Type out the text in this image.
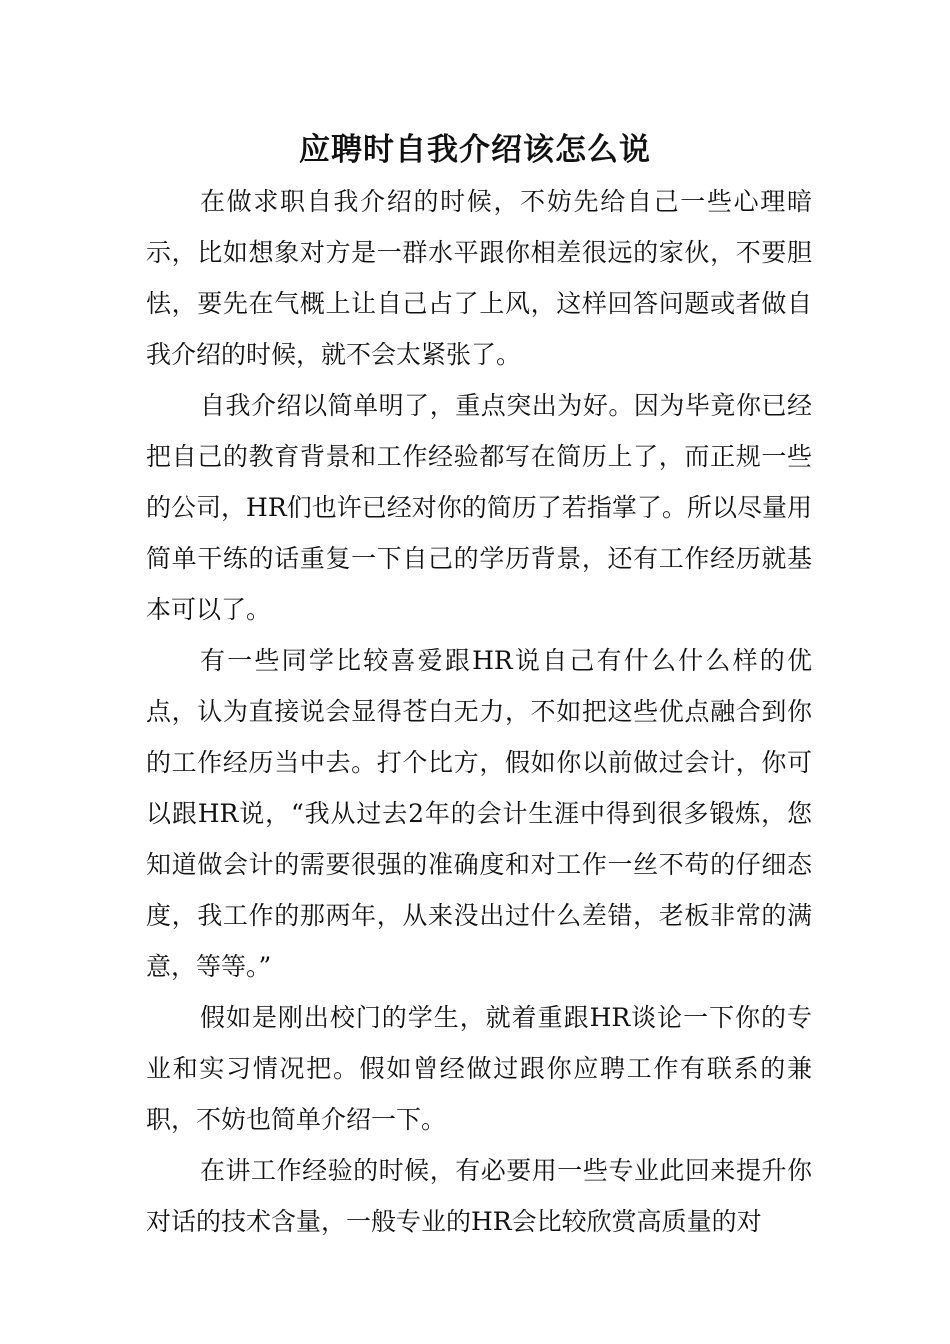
应聘时自我介绍该怎么说

在做求职自我介绍的时候，不妨先给自己一些心理暗示，比如想象对方是一群水平跟你相差很远的家伙，不要胆怯，要先在气概上让自己占了上风，这样回答问题或者做自我介绍的时候，就不会太紧张了。

自我介绍以简单明了，重点突出为好。因为毕竟你已经把自己的教育背景和工作经验都写在简历上了，而正规一些的公司，HR们也许已经对你的简历了若指掌了。所以尽量用简单干练的话重复一下自己的学历背景，还有工作经历就基本可以了。

有一些同学比较喜爱跟HR说自己有什么什么样的优点，认为直接说会显得苍白无力，不如把这些优点融合到你的工作经历当中去。打个比方，假如你以前做过会计，你可以跟HR说，“我从过去2年的会计生涯中得到很多锻炼，您知道做会计的需要很强的准确度和对工作一丝不苟的仔细态度，我工作的那两年，从来没出过什么差错，老板非常的满意，等等。”

假如是刚出校门的学生，就着重跟HR谈论一下你的专业和实习情况把。假如曾经做过跟你应聘工作有联系的兼职，不妨也简单介绍一下。

在讲工作经验的时候，有必要用一些专业此回来提升你对话的技术含量，一般专业的HR会比较欣赏高质量的对
